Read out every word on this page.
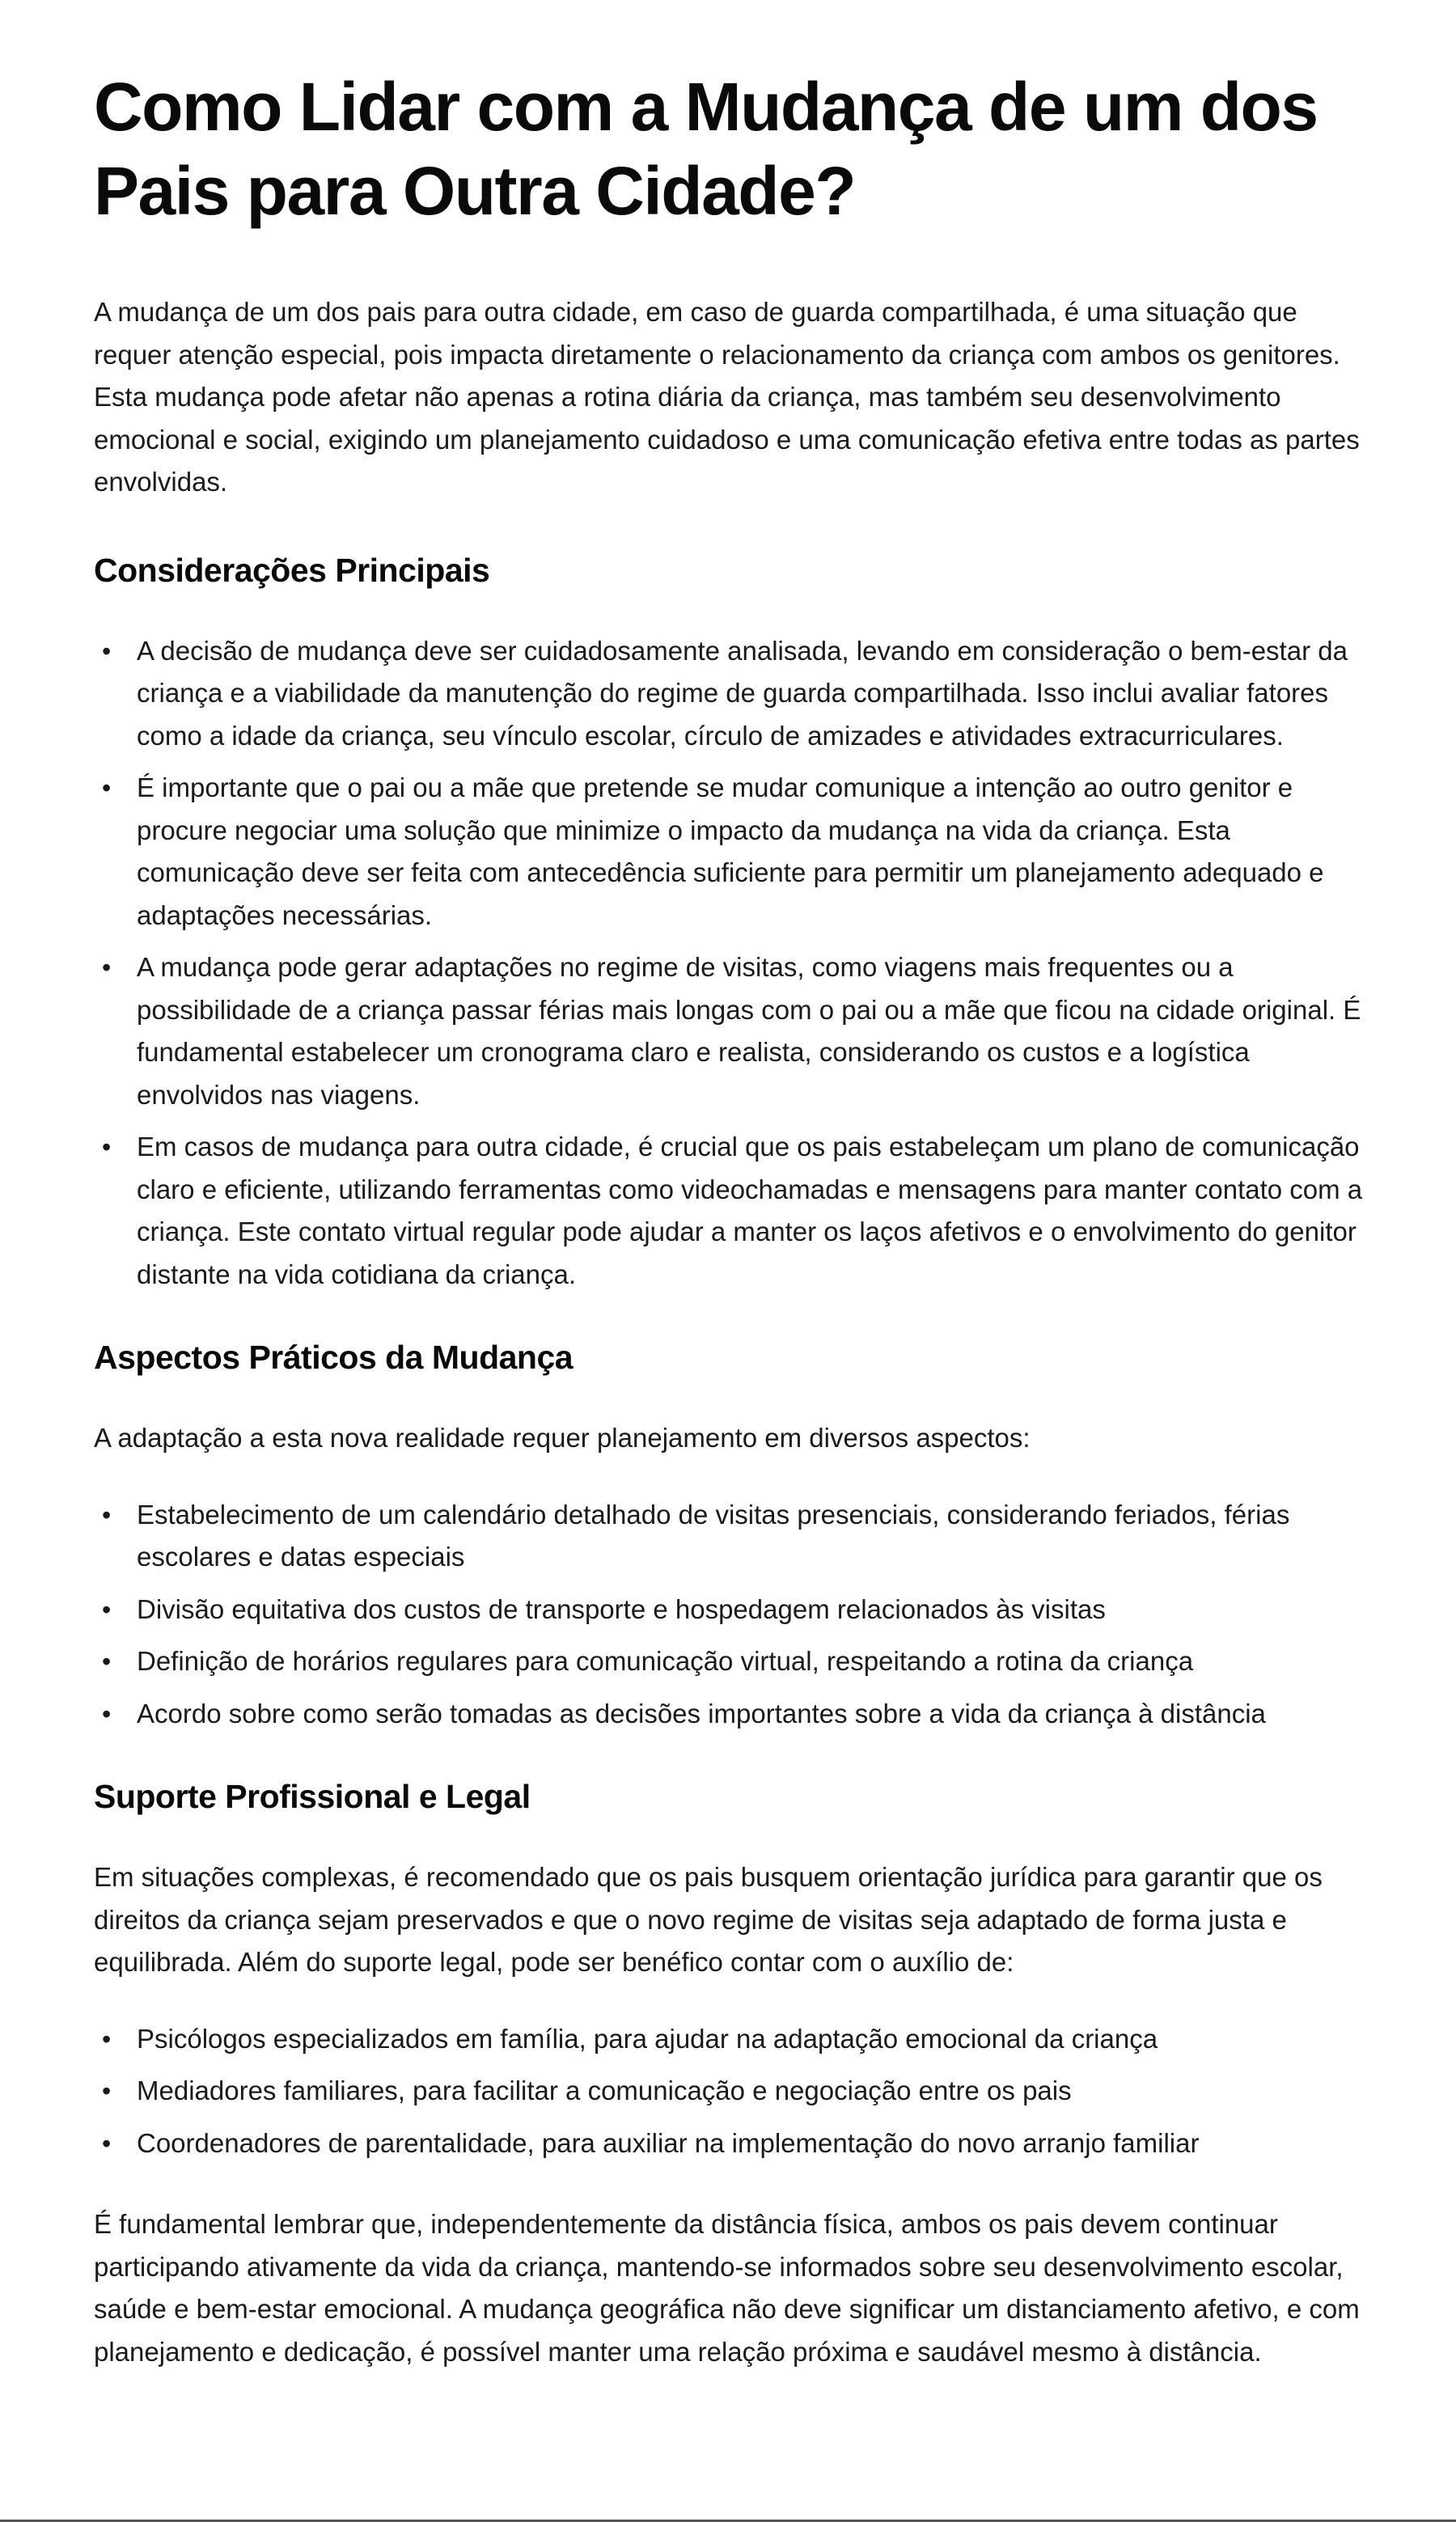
Como Lidar com a Mudança de um dos Pais para Outra Cidade?

A mudança de um dos pais para outra cidade, em caso de guarda compartilhada, é uma situação que requer atenção especial, pois impacta diretamente o relacionamento da criança com ambos os genitores. Esta mudança pode afetar não apenas a rotina diária da criança, mas também seu desenvolvimento emocional e social, exigindo um planejamento cuidadoso e uma comunicação efetiva entre todas as partes envolvidas.

Considerações Principais
• A decisão de mudança deve ser cuidadosamente analisada, levando em consideração o bem-estar da criança e a viabilidade da manutenção do regime de guarda compartilhada. Isso inclui avaliar fatores como a idade da criança, seu vínculo escolar, círculo de amizades e atividades extracurriculares.
• É importante que o pai ou a mãe que pretende se mudar comunique a intenção ao outro genitor e procure negociar uma solução que minimize o impacto da mudança na vida da criança. Esta comunicação deve ser feita com antecedência suficiente para permitir um planejamento adequado e adaptações necessárias.
• A mudança pode gerar adaptações no regime de visitas, como viagens mais frequentes ou a possibilidade de a criança passar férias mais longas com o pai ou a mãe que ficou na cidade original. É fundamental estabelecer um cronograma claro e realista, considerando os custos e a logística envolvidos nas viagens.
• Em casos de mudança para outra cidade, é crucial que os pais estabeleçam um plano de comunicação claro e eficiente, utilizando ferramentas como videochamadas e mensagens para manter contato com a criança. Este contato virtual regular pode ajudar a manter os laços afetivos e o envolvimento do genitor distante na vida cotidiana da criança.
Aspectos Práticos da Mudança

A adaptação a esta nova realidade requer planejamento em diversos aspectos:

• Estabelecimento de um calendário detalhado de visitas presenciais, considerando feriados, férias escolares e datas especiais
• Divisão equitativa dos custos de transporte e hospedagem relacionados às visitas
• Definição de horários regulares para comunicação virtual, respeitando a rotina da criança
• Acordo sobre como serão tomadas as decisões importantes sobre a vida da criança à distância
Suporte Profissional e Legal

Em situações complexas, é recomendado que os pais busquem orientação jurídica para garantir que os direitos da criança sejam preservados e que o novo regime de visitas seja adaptado de forma justa e equilibrada. Além do suporte legal, pode ser benéfico contar com o auxílio de:

• Psicólogos especializados em família, para ajudar na adaptação emocional da criança
• Mediadores familiares, para facilitar a comunicação e negociação entre os pais
• Coordenadores de parentalidade, para auxiliar na implementação do novo arranjo familiar

É fundamental lembrar que, independentemente da distância física, ambos os pais devem continuar participando ativamente da vida da criança, mantendo-se informados sobre seu desenvolvimento escolar, saúde e bem-estar emocional. A mudança geográfica não deve significar um distanciamento afetivo, e com planejamento e dedicação, é possível manter uma relação próxima e saudável mesmo à distância.
